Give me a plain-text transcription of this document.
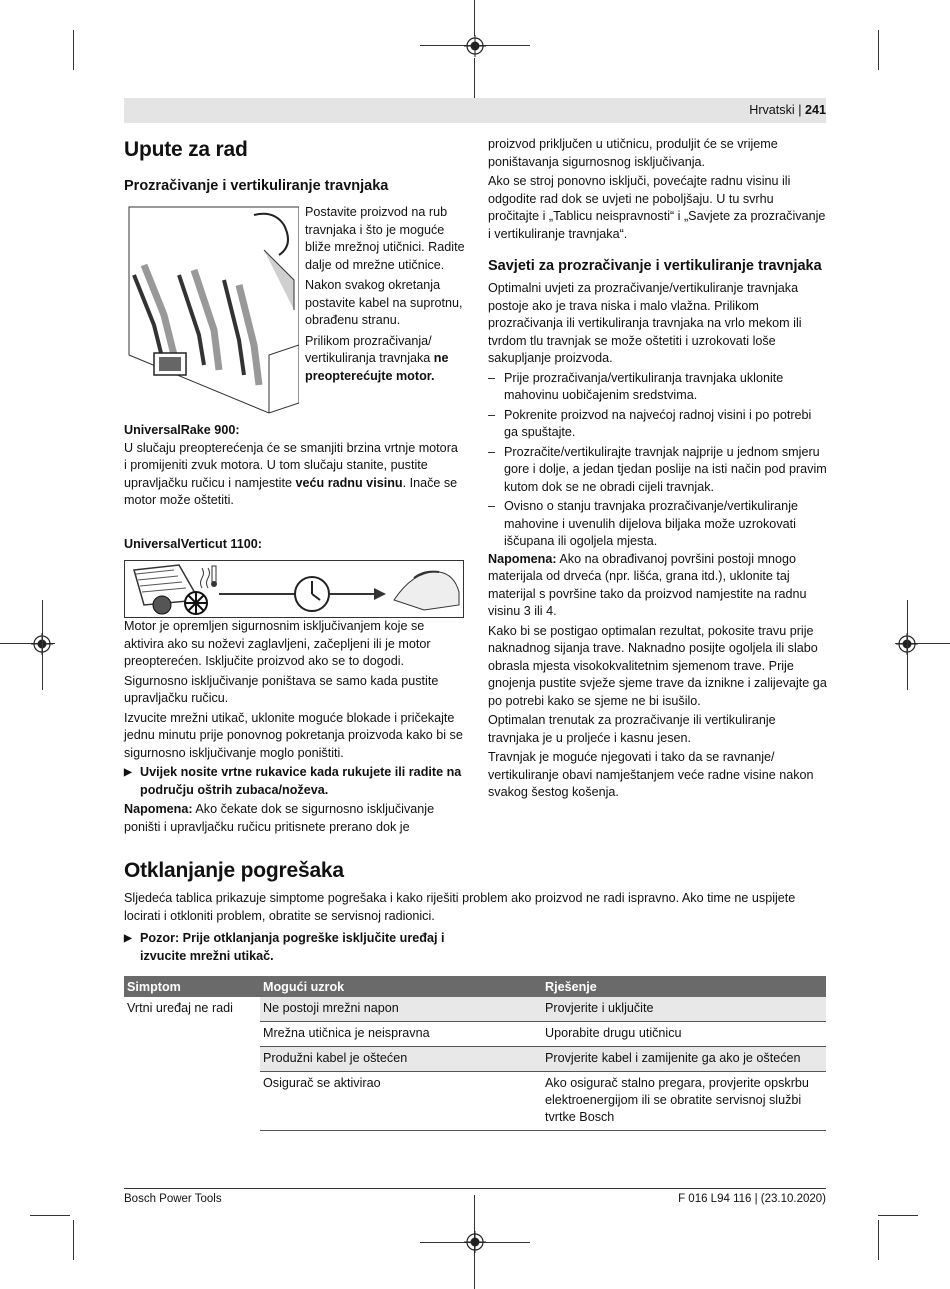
Hrvatski | 241
Upute za rad
Prozračivanje i vertikuliranje travnjaka

Postavite proizvod na rub travnjaka i što je moguće bliže mrežnoj utičnici. Radite dalje od mrežne utičnice.

Nakon svakog okretanja postavite kabel na suprotnu, obrađenu stranu.

Prilikom prozračivanja/ vertikuliranja travnjaka ne preopterećujte motor.

UniversalRake 900:

U slučaju preopterećenja će se smanjiti brzina vrtnje motora i promijeniti zvuk motora. U tom slučaju stanite, pustite upravljačku ručicu i namjestite veću radnu visinu. Inače se motor može oštetiti.

UniversalVerticut 1100:

Motor je opremljen sigurnosnim isključivanjem koje se aktivira ako su noževi zaglavljeni, začepljeni ili je motor preopterećen. Isključite proizvod ako se to dogodi.

Sigurnosno isključivanje poništava se samo kada pustite upravljačku ručicu.

Izvucite mrežni utikač, uklonite moguće blokade i pričekajte jednu minutu prije ponovnog pokretanja proizvoda kako bi se sigurnosno isključivanje moglo poništiti.

▶ Uvijek nosite vrtne rukavice kada rukujete ili radite na području oštrih zubaca/noževa.

Napomena: Ako čekate dok se sigurnosno isključivanje poništi i upravljačku ručicu pritisnete prerano dok je

proizvod priključen u utičnicu, produljit će se vrijeme poništavanja sigurnosnog isključivanja.

Ako se stroj ponovno isključi, povećajte radnu visinu ili odgodite rad dok se uvjeti ne poboljšaju. U tu svrhu pročitajte i „Tablicu neispravnosti“ i „Savjete za prozračivanje i vertikuliranje travnjaka“.

Savjeti za prozračivanje i vertikuliranje travnjaka

Optimalni uvjeti za prozračivanje/vertikuliranje travnjaka postoje ako je trava niska i malo vlažna. Prilikom prozračivanja ili vertikuliranja travnjaka na vrlo mekom ili tvrdom tlu travnjak se može oštetiti i uzrokovati loše sakupljanje proizvoda.

– Prije prozračivanja/vertikuliranja travnjaka uklonite mahovinu uobičajenim sredstvima.
– Pokrenite proizvod na najvećoj radnoj visini i po potrebi ga spuštajte.
– Prozračite/vertikulirajte travnjak najprije u jednom smjeru gore i dolje, a jedan tjedan poslije na isti način pod pravim kutom dok se ne obradi cijeli travnjak.
– Ovisno o stanju travnjaka prozračivanje/vertikuliranje mahovine i uvenulih dijelova biljaka može uzrokovati iščupana ili ogoljela mjesta.

Napomena: Ako na obrađivanoj površini postoji mnogo materijala od drveća (npr. lišća, grana itd.), uklonite taj materijal s površine tako da proizvod namjestite na radnu visinu 3 ili 4.

Kako bi se postigao optimalan rezultat, pokosite travu prije naknadnog sijanja trave. Naknadno posijte ogoljela ili slabo obrasla mjesta visokokvalitetnim sjemenom trave. Prije gnojenja pustite svježe sjeme trave da iznikne i zalijevajte ga po potrebi kako se sjeme ne bi isušilo.

Optimalan trenutak za prozračivanje ili vertikuliranje travnjaka je u proljeće i kasnu jesen.

Travnjak je moguće njegovati i tako da se ravnanje/ vertikuliranje obavi namještanjem veće radne visine nakon svakog šestog košenja.

Otklanjanje pogrešaka

Sljedeća tablica prikazuje simptome pogrešaka i kako riješiti problem ako proizvod ne radi ispravno. Ako time ne uspijete locirati i otkloniti problem, obratite se servisnoj radionici.

▶ Pozor: Prije otklanjanja pogreške isključite uređaj i izvucite mrežni utikač.

Simptom	Mogući uzrok	Rješenje
Vrtni uređaj ne radi	Ne postoji mrežni napon	Provjerite i uključite
	Mrežna utičnica je neispravna	Uporabite drugu utičnicu
	Produžni kabel je oštećen	Provjerite kabel i zamijenite ga ako je oštećen
	Osigurač se aktivirao	Ako osigurač stalno pregara, provjerite opskrbu elektroenergijom ili se obratite servisnoj službi tvrtke Bosch
Bosch Power Tools	F 016 L94 116 | (23.10.2020)
